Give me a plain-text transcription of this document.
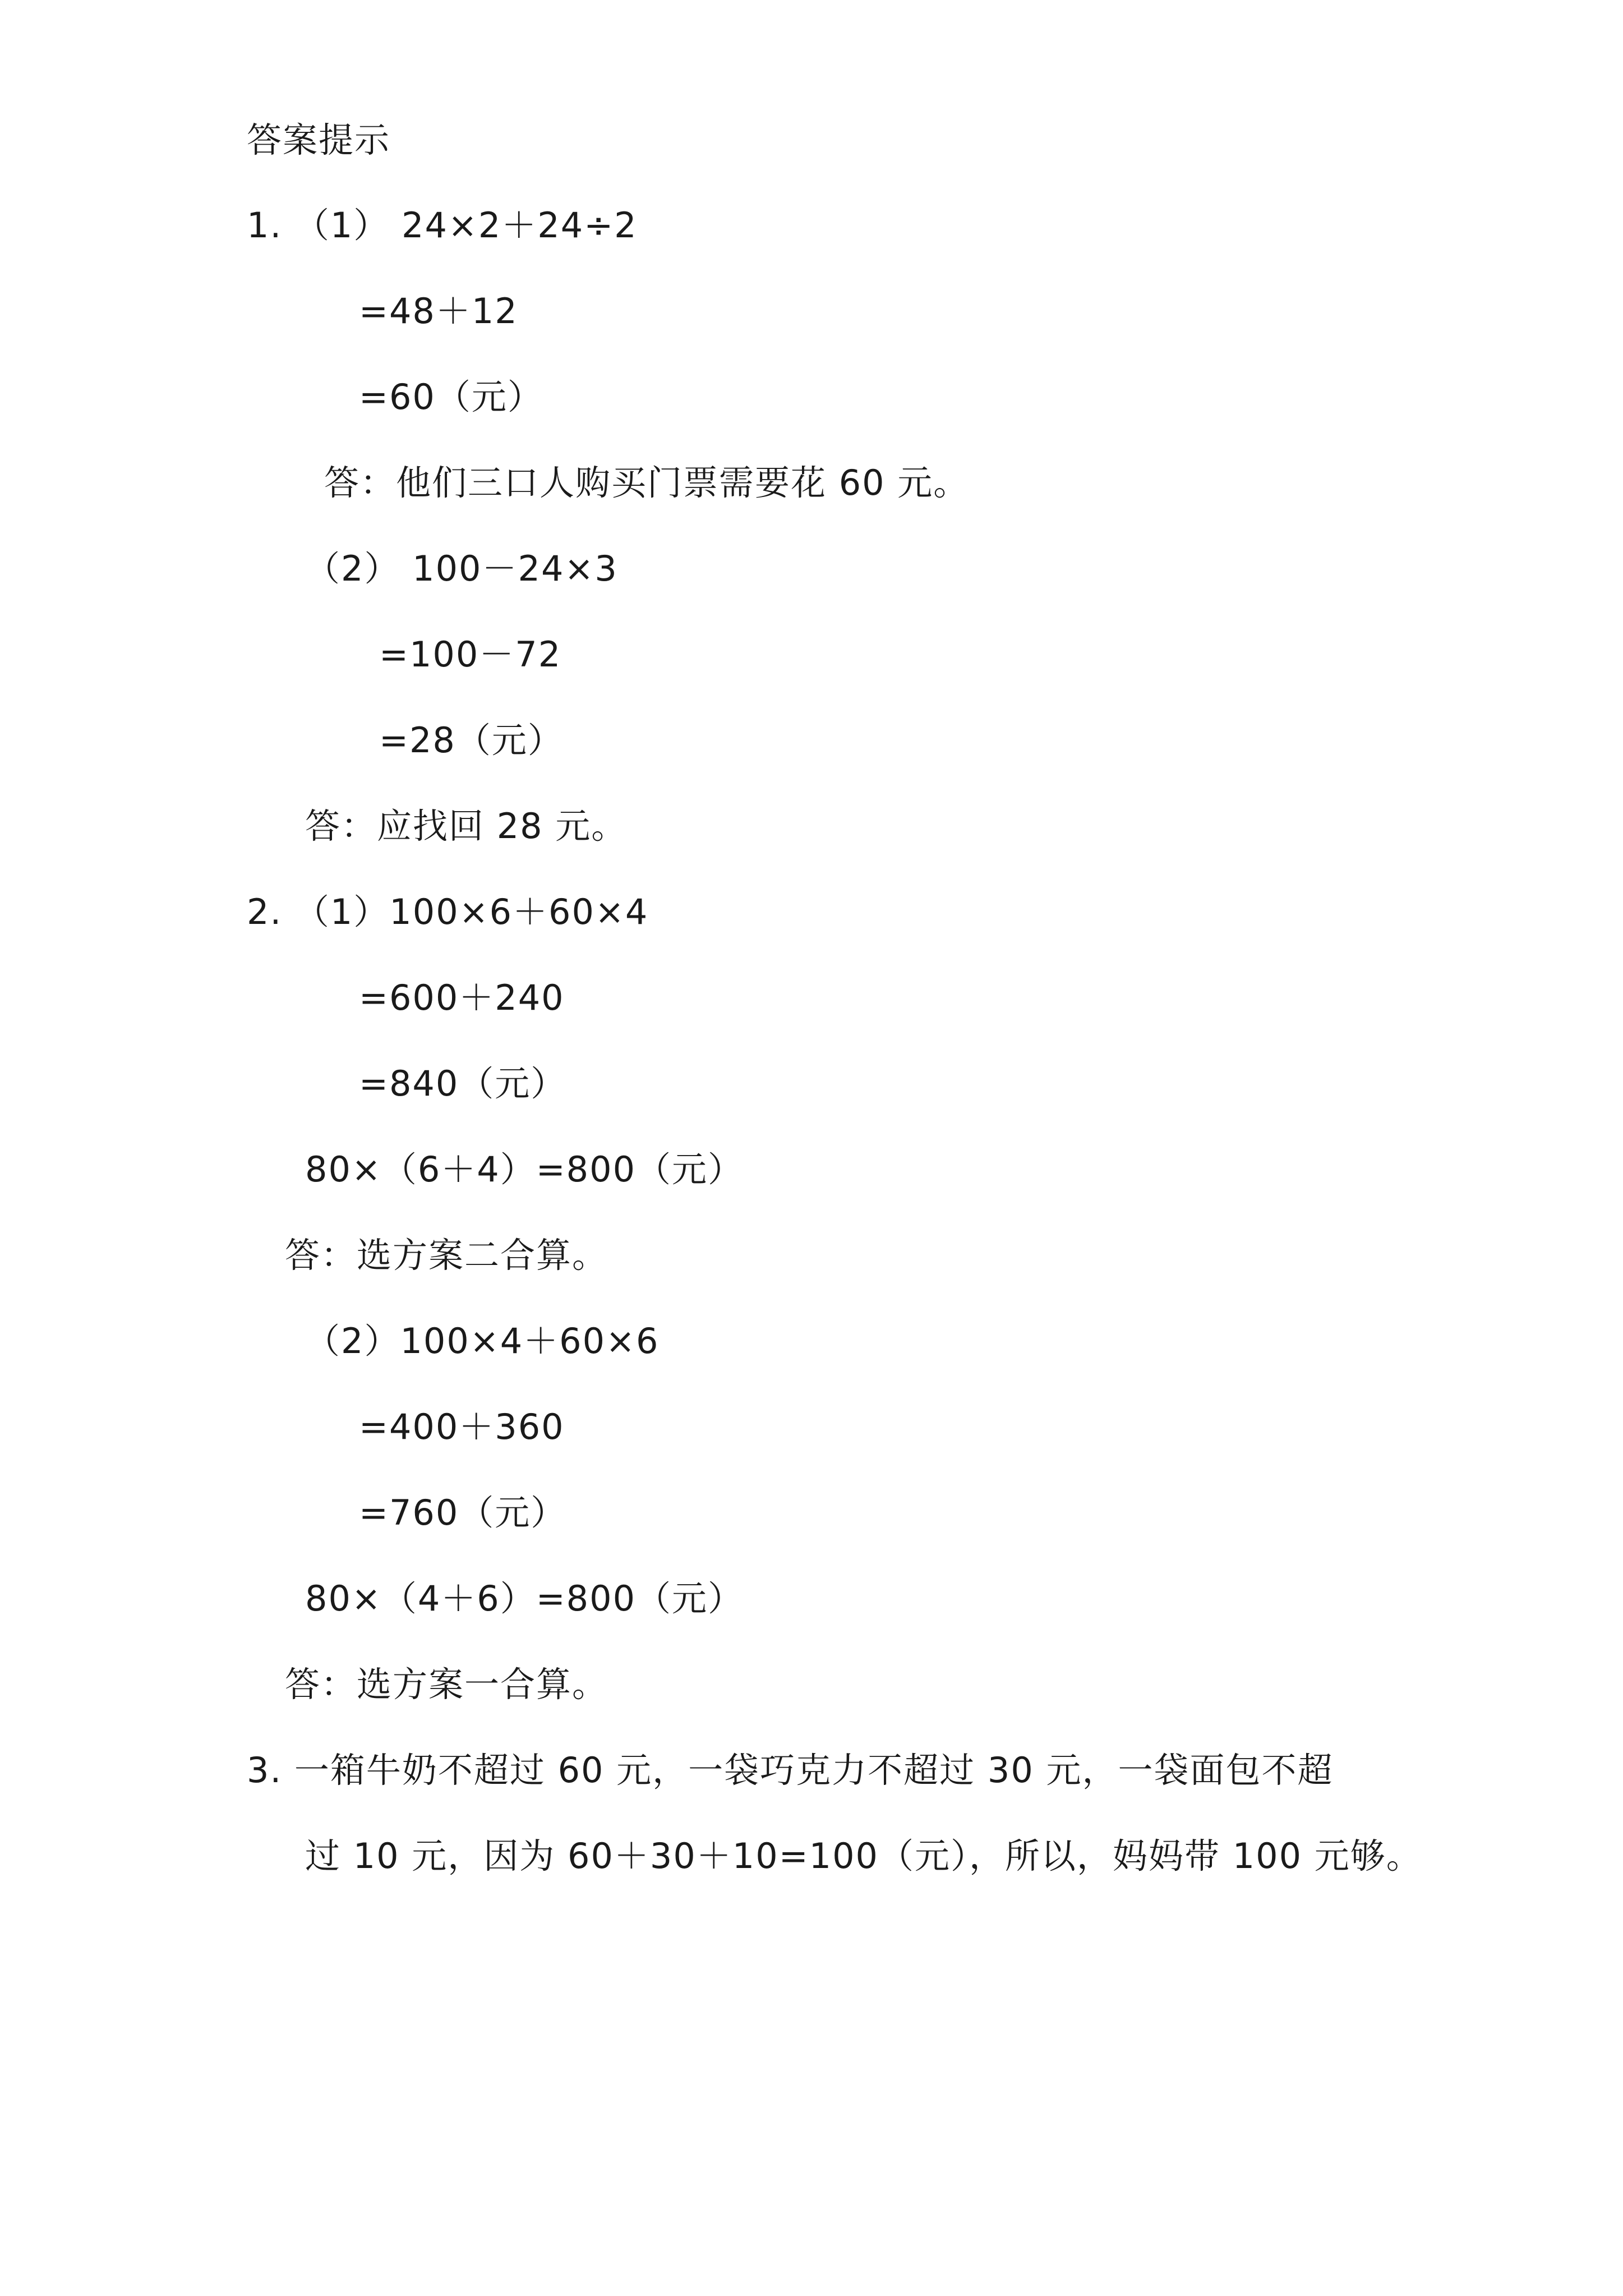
答案提示
1. （1） 24×2＋24÷2
=48＋12
=60（元）
答：他们三口人购买门票需要花 60 元。
（2） 100－24×3
=100－72
=28（元）
答：应找回 28 元。
2. （1）100×6＋60×4
=600＋240
=840（元）
80×（6＋4）=800（元）
答：选方案二合算。
（2）100×4＋60×6
=400＋360
=760（元）
80×（4＋6）=800（元）
答：选方案一合算。
3. 一箱牛奶不超过 60 元，一袋巧克力不超过 30 元，一袋面包不超
过 10 元，因为 60＋30＋10=100（元），所以，妈妈带 100 元够。
